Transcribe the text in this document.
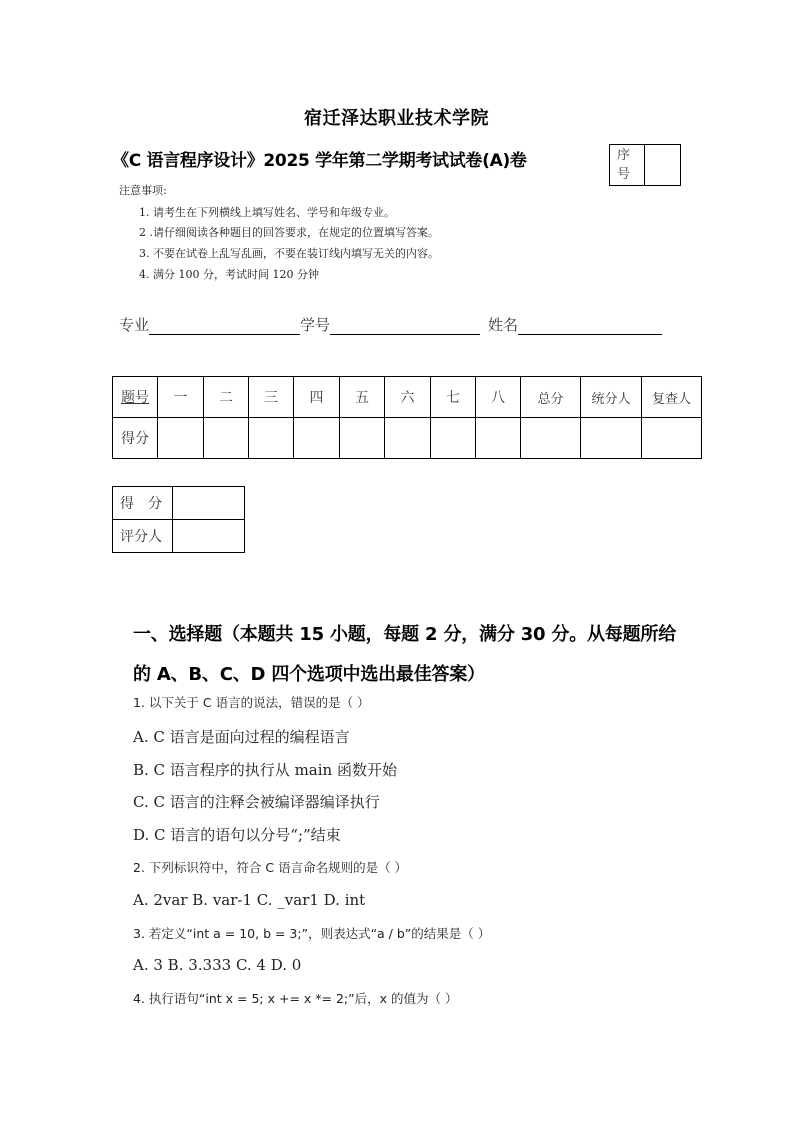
宿迁泽达职业技术学院
《C 语言程序设计》2025 学年第二学期考试试卷(A)卷	序
号
注意事项:
1. 请考生在下列横线上填写姓名、学号和年级专业。
2 .请仔细阅读各种题目的回答要求，在规定的位置填写答案。
3. 不要在试卷上乱写乱画，不要在装订线内填写无关的内容。
4. 满分 100 分，考试时间 120 分钟
专业	学号	姓名
题号	一	二	三	四	五	六	七	八	总分	统分人	复查人
得分											
得　分	
评分人	
一、选择题（本题共 15 小题，每题 2 分，满分 30 分。从每题所给
的 A、B、C、D 四个选项中选出最佳答案）
1. 以下关于 C 语言的说法，错误的是（ ）
A. C 语言是面向过程的编程语言
B. C 语言程序的执行从 main 函数开始
C. C 语言的注释会被编译器编译执行
D. C 语言的语句以分号“;”结束
2. 下列标识符中，符合 C 语言命名规则的是（ ）
A. 2var B. var-1 C. _var1 D. int
3. 若定义“int a = 10, b = 3;”，则表达式“a / b”的结果是（ ）
A. 3 B. 3.333 C. 4 D. 0
4. 执行语句“int x = 5; x += x *= 2;”后，x 的值为（ ）
